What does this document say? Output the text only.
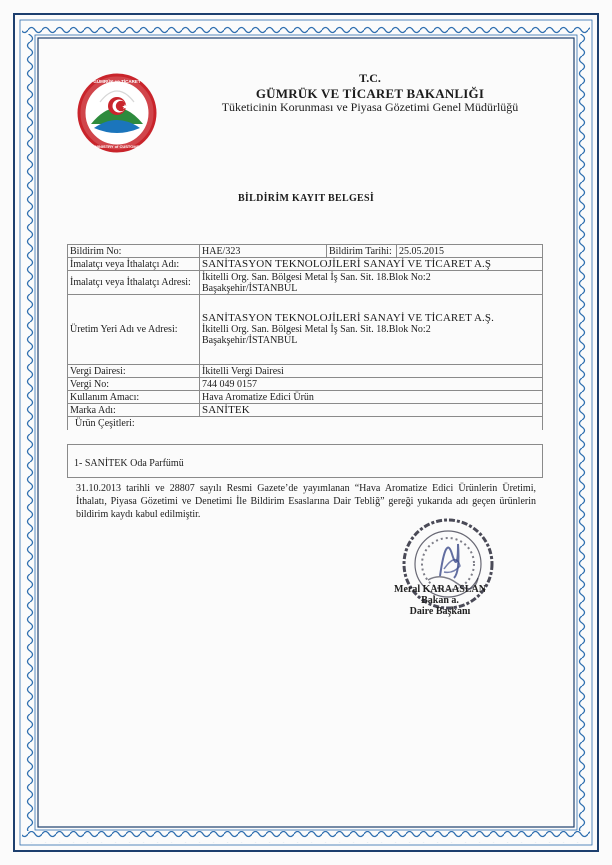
GÜMRÜK ve TİCARET
MINISTRY of CUSTOMS
T.C.
GÜMRÜK VE TİCARET BAKANLIĞI
Tüketicinin Korunması ve Piyasa Gözetimi Genel Müdürlüğü
BİLDİRİM KAYIT BELGESİ
Bildirim No:	HAE/323	Bildirim Tarihi:	25.05.2015
İmalatçı veya İthalatçı Adı:	SANİTASYON TEKNOLOJİLERİ SANAYİ VE TİCARET A.Ş		
İmalatçı veya İthalatçı Adresi:	İkitelli Org. San. Bölgesi Metal İş San. Sit. 18.Blok No:2
Başakşehir/İSTANBUL		

Üretim Yeri Adı ve Adresi:	SANİTASYON TEKNOLOJİLERİ SANAYİ VE TİCARET A.Ş.
İkitelli Org. San. Bölgesi Metal İş San. Sit. 18.Blok No:2
Başakşehir/İSTANBUL		

Vergi Dairesi:	İkitelli Vergi Dairesi		
Vergi No:	744 049 0157		
Kullanım Amacı:	Hava Aromatize Edici Ürün		
Marka Adı:	SANİTEK		
Ürün Çeşitleri:			
1- SANİTEK Oda Parfümü
31.10.2013 tarihli ve 28807 sayılı Resmi Gazete’de yayımlanan “Hava Aromatize Edici Ürünlerin Üretimi, İthalatı, Piyasa Gözetimi ve Denetimi İle Bildirim Esaslarına Dair Tebliğ” gereği yukarıda adı geçen ürünlerin bildirim kaydı kabul edilmiştir.
Meral KARAASLAN
Bakan a.
Daire Başkanı
